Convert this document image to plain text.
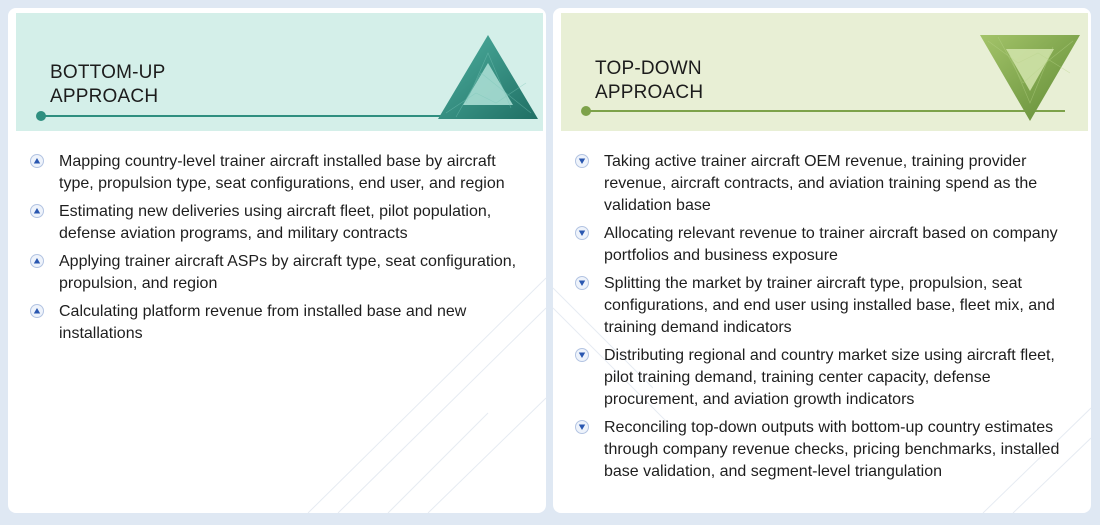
BOTTOM-UP
APPROACH
Mapping country-level trainer aircraft installed base by aircraft type, propulsion type, seat configurations, end user, and region
Estimating new deliveries using aircraft fleet, pilot population, defense aviation programs, and military contracts
Applying trainer aircraft ASPs by aircraft type, seat configuration, propulsion, and region
Calculating platform revenue from installed base and new installations
TOP-DOWN
APPROACH
Taking active trainer aircraft OEM revenue, training provider revenue, aircraft contracts, and aviation training spend as the validation base
Allocating relevant revenue to trainer aircraft based on company portfolios and business exposure
Splitting the market by trainer aircraft type, propulsion, seat configurations, and end user using installed base, fleet mix, and training demand indicators
Distributing regional and country market size using aircraft fleet, pilot training demand, training center capacity, defense procurement, and aviation growth indicators
Reconciling top-down outputs with bottom-up country estimates through company revenue checks, pricing benchmarks, installed base validation, and segment-level triangulation
